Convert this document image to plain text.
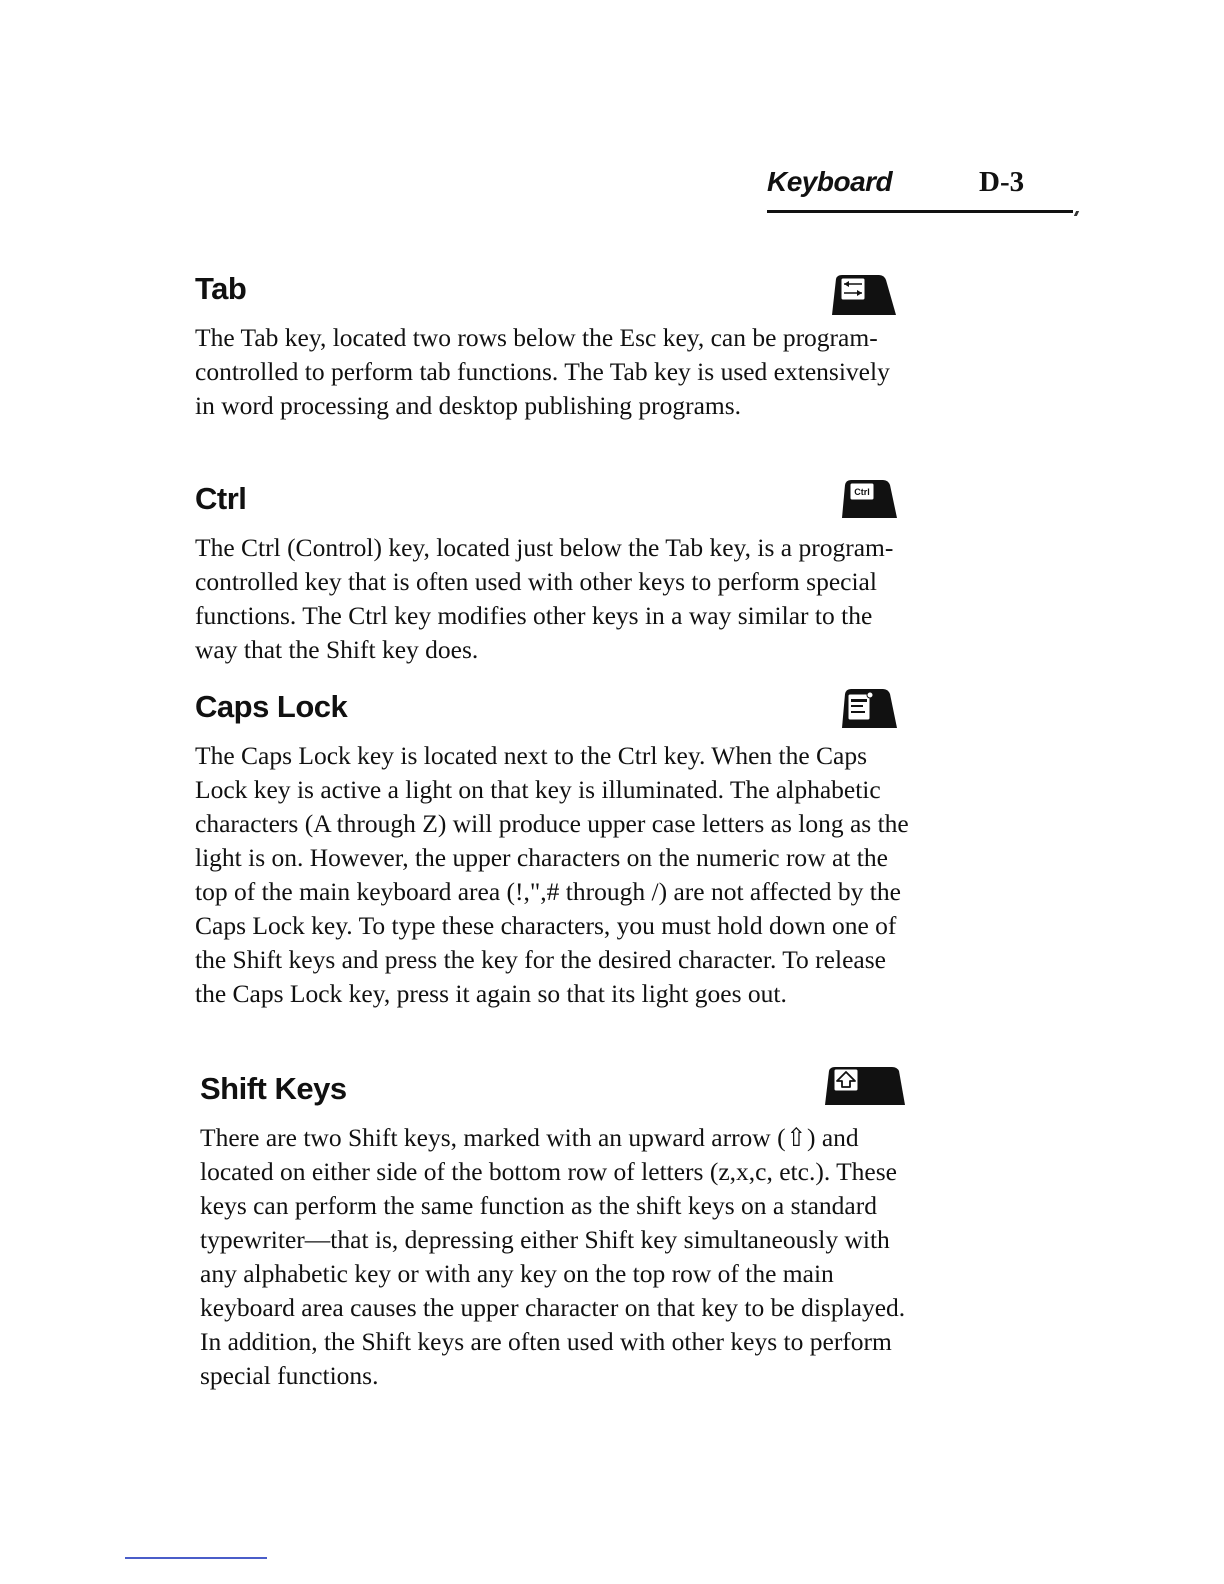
Keyboard	D-3
Tab

The Tab key, located two rows below the Esc key, can be program-controlled to perform tab functions. The Tab key is used extensively in word processing and desktop publishing programs.

Ctrl

The Ctrl (Control) key, located just below the Tab key, is a program-controlled key that is often used with other keys to perform special functions. The Ctrl key modifies other keys in a way similar to the way that the Shift key does.

Ctrl
Caps Lock

The Caps Lock key is located next to the Ctrl key. When the Caps Lock key is active a light on that key is illuminated. The alphabetic characters (A through Z) will produce upper case letters as long as the light is on. However, the upper characters on the numeric row at the top of the main keyboard area (!,",# through /) are not affected by the Caps Lock key. To type these characters, you must hold down one of the Shift keys and press the key for the desired character. To release the Caps Lock key, press it again so that its light goes out.

Shift Keys

There are two Shift keys, marked with an upward arrow (⇧) and located on either side of the bottom row of letters (z,x,c, etc.). These keys can perform the same function as the shift keys on a standard typewriter—that is, depressing either Shift key simultaneously with any alphabetic key or with any key on the top row of the main keyboard area causes the upper character on that key to be displayed. In addition, the Shift keys are often used with other keys to perform special functions.
